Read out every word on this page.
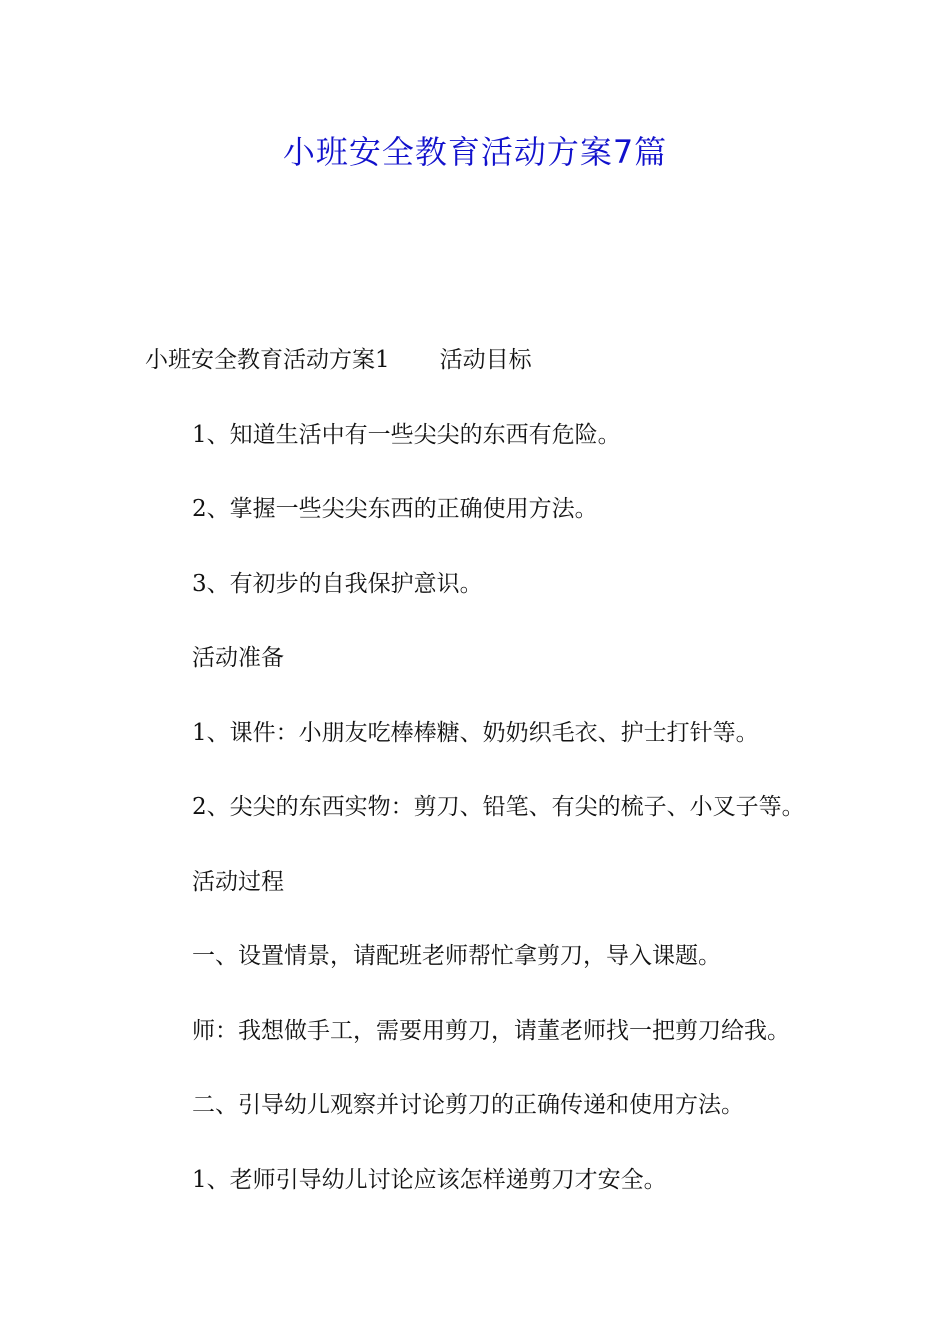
小班安全教育活动方案7篇

小班安全教育活动方案1 活动目标

1、知道生活中有一些尖尖的东西有危险。

2、掌握一些尖尖东西的正确使用方法。

3、有初步的自我保护意识。

活动准备

1、课件：小朋友吃棒棒糖、奶奶织毛衣、护士打针等。

2、尖尖的东西实物：剪刀、铅笔、有尖的梳子、小叉子等。

活动过程

一、设置情景，请配班老师帮忙拿剪刀，导入课题。

师：我想做手工，需要用剪刀，请董老师找一把剪刀给我。

二、引导幼儿观察并讨论剪刀的正确传递和使用方法。

1、老师引导幼儿讨论应该怎样递剪刀才安全。
